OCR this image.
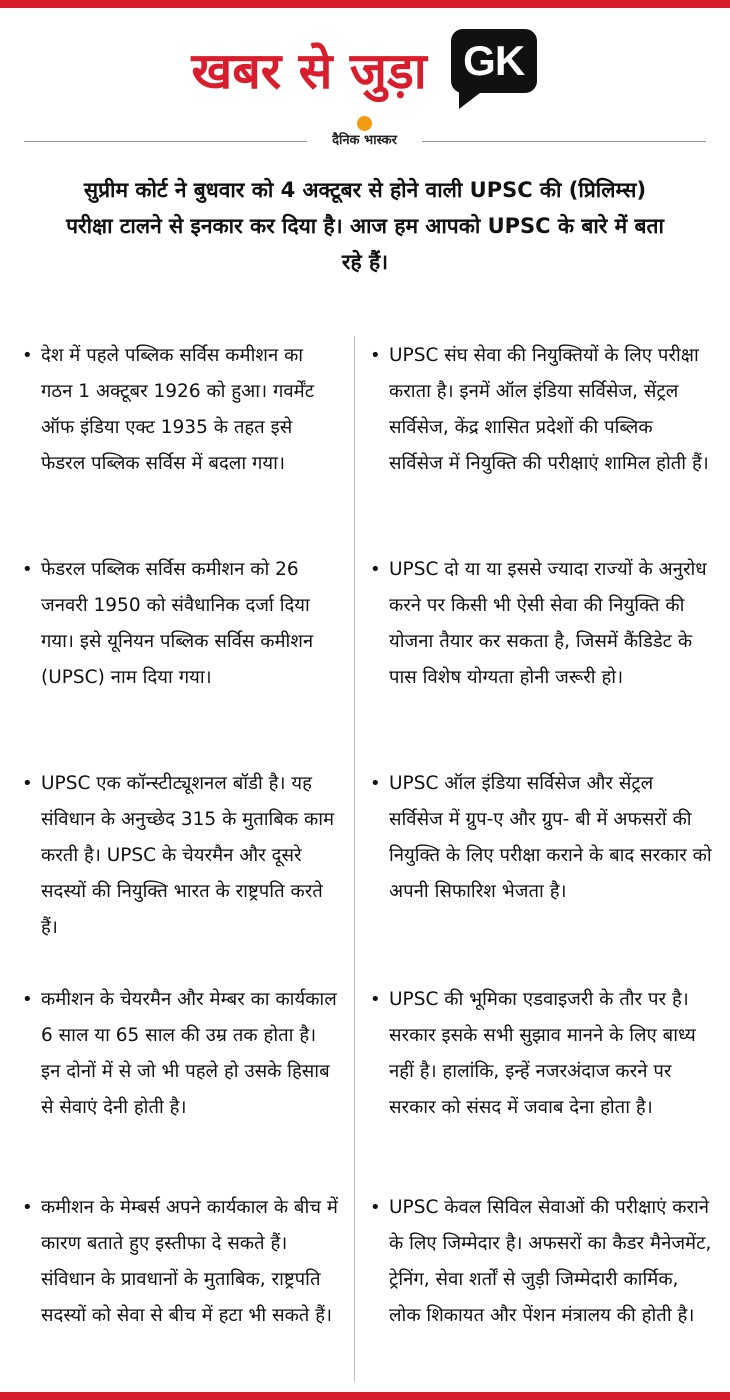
खबर से जुड़ा GK
दैनिक भास्कर
सुप्रीम कोर्ट ने बुधवार को 4 अक्टूबर से होने वाली UPSC की (प्रिलिम्स) परीक्षा टालने से इनकार कर दिया है। आज हम आपको UPSC के बारे में बता रहे हैं।
• देश में पहले पब्लिक सर्विस कमीशन का गठन 1 अक्टूबर 1926 को हुआ। गवर्मेंट ऑफ इंडिया एक्ट 1935 के तहत इसे फेडरल पब्लिक सर्विस में बदला गया।
• फेडरल पब्लिक सर्विस कमीशन को 26 जनवरी 1950 को संवैधानिक दर्जा दिया गया। इसे यूनियन पब्लिक सर्विस कमीशन (UPSC) नाम दिया गया।
• UPSC एक कॉन्स्टीट्यूशनल बॉडी है। यह संविधान के अनुच्छेद 315 के मुताबिक काम करती है। UPSC के चेयरमैन और दूसरे सदस्यों की नियुक्ति भारत के राष्ट्रपति करते हैं।
• कमीशन के चेयरमैन और मेम्बर का कार्यकाल 6 साल या 65 साल की उम्र तक होता है। इन दोनों में से जो भी पहले हो उसके हिसाब से सेवाएं देनी होती है।
• कमीशन के मेम्बर्स अपने कार्यकाल के बीच में कारण बताते हुए इस्तीफा दे सकते हैं। संविधान के प्रावधानों के मुताबिक, राष्ट्रपति सदस्यों को सेवा से बीच में हटा भी सकते हैं।
• UPSC संघ सेवा की नियुक्तियों के लिए परीक्षा कराता है। इनमें ऑल इंडिया सर्विसेज, सेंट्रल सर्विसेज, केंद्र शासित प्रदेशों की पब्लिक सर्विसेज में नियुक्ति की परीक्षाएं शामिल होती हैं।
• UPSC दो या या इससे ज्यादा राज्यों के अनुरोध करने पर किसी भी ऐसी सेवा की नियुक्ति की योजना तैयार कर सकता है, जिसमें कैंडिडेट के पास विशेष योग्यता होनी जरूरी हो।
• UPSC ऑल इंडिया सर्विसेज और सेंट्रल सर्विसेज में ग्रुप-ए और ग्रुप- बी में अफसरों की नियुक्ति के लिए परीक्षा कराने के बाद सरकार को अपनी सिफारिश भेजता है।
• UPSC की भूमिका एडवाइजरी के तौर पर है। सरकार इसके सभी सुझाव मानने के लिए बाध्य नहीं है। हालांकि, इन्हें नजरअंदाज करने पर सरकार को संसद में जवाब देना होता है।
• UPSC केवल सिविल सेवाओं की परीक्षाएं कराने के लिए जिम्मेदार है। अफसरों का कैडर मैनेजमेंट, ट्रेनिंग, सेवा शर्तों से जुड़ी जिम्मेदारी कार्मिक, लोक शिकायत और पेंशन मंत्रालय की होती है।
